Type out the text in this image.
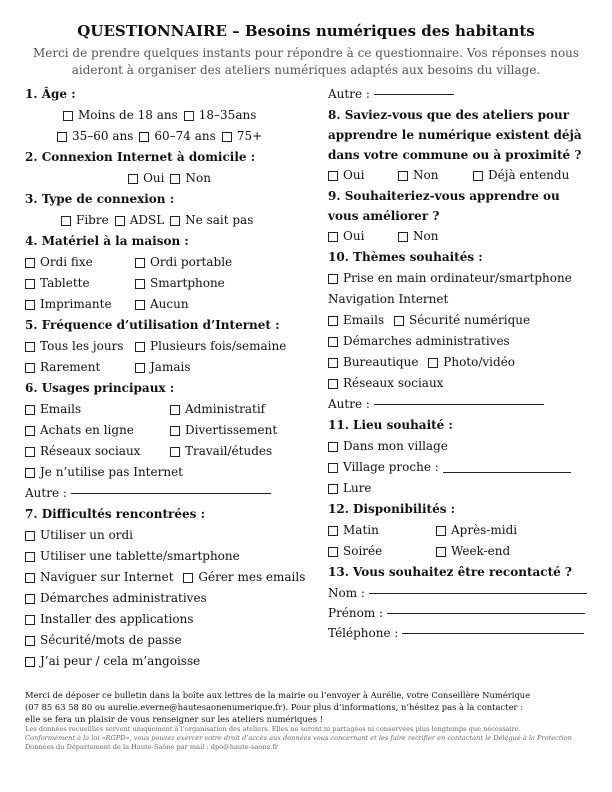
QUESTIONNAIRE – Besoins numériques des habitants
Merci de prendre quelques instants pour répondre à ce questionnaire. Vos réponses nous aideront à organiser des ateliers numériques adaptés aux besoins du village.
1. Âge :
Moins de 18 ans 18–35ans
35–60 ans 60–74 ans 75+
2. Connexion Internet à domicile :
Oui Non
3. Type de connexion :
Fibre ADSL Ne sait pas
4. Matériel à la maison :
Ordi fixe	Ordi portable
Tablette	Smartphone
Imprimante	Aucun
5. Fréquence d’utilisation d’Internet :
Tous les jours Plusieurs fois/semaine
Rarement	Jamais
6. Usages principaux :
Emails	Administratif
Achats en ligne	Divertissement
Réseaux sociaux	Travail/études
Je n’utilise pas Internet
Autre :
7. Difficultés rencontrées :
Utiliser un ordi

Utiliser une tablette/smartphone

Naviguer sur Internet
Gérer mes emails

Démarches administratives

Installer des applications

Sécurité/mots de passe

J’ai peur / cela m’angoisse
Autre :
8. Saviez-vous que des ateliers pour apprendre le numérique existent déjà dans votre commune ou à proximité ?
Oui	Non	Déjà entendu
9. Souhaiteriez-vous apprendre ou vous améliorer ?
Oui	Non
10. Thèmes souhaités :
Prise en main ordinateur/smartphone
Navigation Internet
Emails
Sécurité numérique

Démarches administratives

Bureautique
Photo/vidéo

Réseaux sociaux
Autre :
11. Lieu souhaité :
Dans mon village

Village proche :

Lure
12. Disponibilités :
Matin	Après-midi
Soirée	Week-end
13. Vous souhaitez être recontacté ?
Nom :
Prénom :
Téléphone :
Merci de déposer ce bulletin dans la boîte aux lettres de la mairie ou l’envoyer à Aurélie, votre Conseillère Numérique
(07 85 63 58 80 ou aurelie.everne@hautesaonenumerique.fr). Pour plus d’informations, n’hésitez pas à la contacter :
elle se fera un plaisir de vous renseigner sur les ateliers numériques !
Les données recueillies servent uniquement à l’organisation des ateliers. Elles ne seront ni partagées ni conservées plus longtemps que nécessaire.
Conformément à la loi «RGPD», vous pouvez exercer votre droit d’accès aux données vous concernant et les faire rectifier en contactant le Délégué à la Protection
Données du Département de la Haute-Saône par mail : dpo@haute-saone.fr
